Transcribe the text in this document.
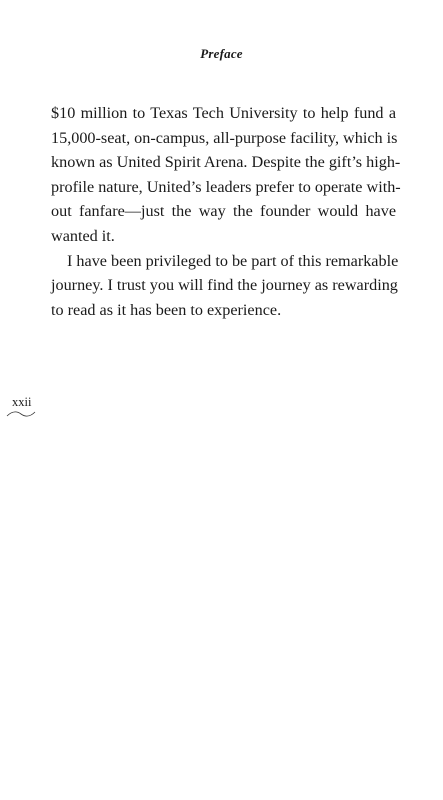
Preface

$10 million to Texas Tech University to help fund a
15,000-seat, on-campus, all-purpose facility, which is
known as United Spirit Arena. Despite the gift’s high-
profile nature, United’s leaders prefer to operate with-
out fanfare—just the way the founder would have
wanted it.

I have been privileged to be part of this remarkable
journey. I trust you will find the journey as rewarding
to read as it has been to experience.

xxii
